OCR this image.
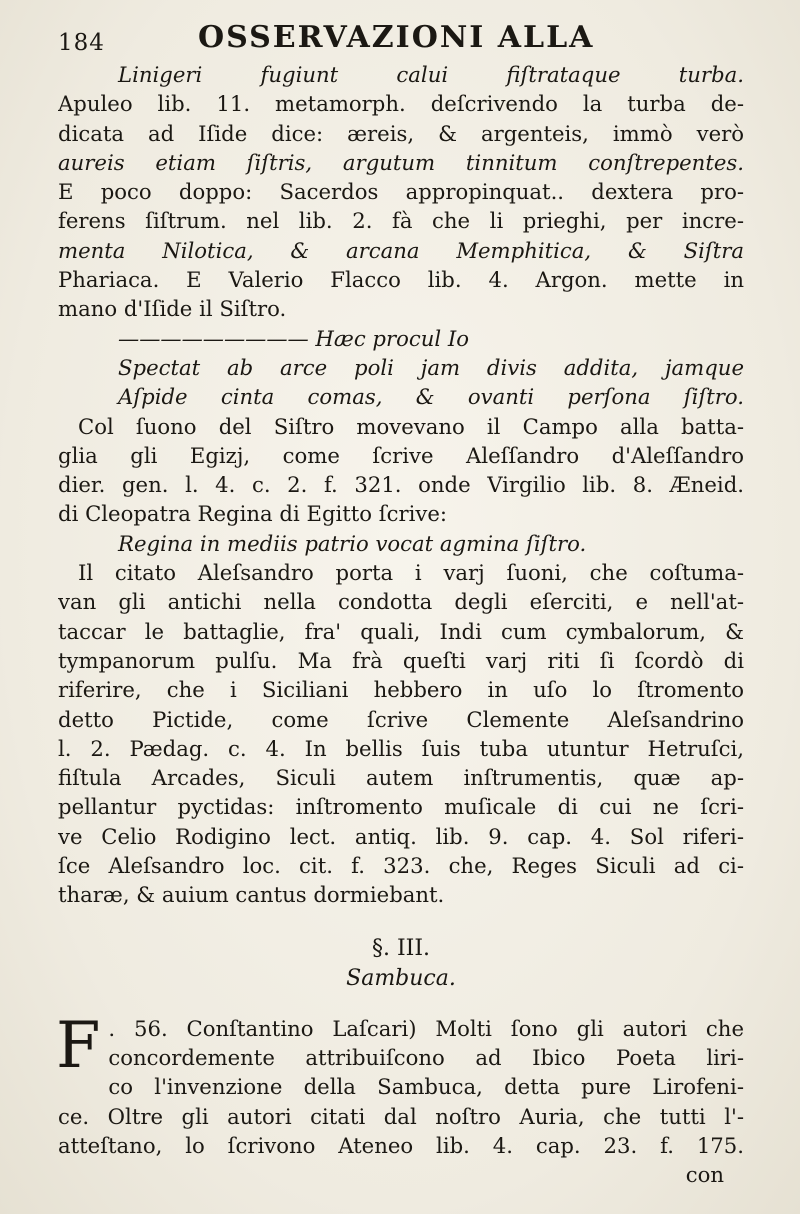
184	OSSERVAZIONI ALLA
Linigeri fugiunt calui fiſtrataque turba.
Apuleo lib. 11. metamorph. deſcrivendo la turba de-
dicata ad Iſide dice: æreis, & argenteis, immò verò
aureis etiam ſiſtris, argutum tinnitum conſtrepentes.
E poco doppo: Sacerdos appropinquat.. dextera pro-
ferens ſiſtrum. nel lib. 2. fà che li prieghi, per incre-
menta Nilotica, & arcana Memphitica, & Siſtra
Phariaca. E Valerio Flacco lib. 4. Argon. mette in
mano d'Iſide il Siſtro.
————————— Hæc procul Io
Spectat ab arce poli jam divis addita, jamque
Aſpide cinta comas, & ovanti perſona ſiſtro.
Col ſuono del Siſtro movevano il Campo alla batta-
glia gli Egizj, come ſcrive Aleſſandro d'Aleſſandro
dier. gen. l. 4. c. 2. f. 321. onde Virgilio lib. 8. Æneid.
di Cleopatra Regina di Egitto ſcrive:
Regina in mediis patrio vocat agmina ſiſtro.
Il citato Aleſsandro porta i varj ſuoni, che coſtuma-
van gli antichi nella condotta degli eſerciti, e nell'at-
taccar le battaglie, fra' quali, Indi cum cymbalorum, &
tympanorum pulſu. Ma frà queſti varj riti ſi ſcordò di
riferire, che i Siciliani hebbero in uſo lo ſtromento
detto Pictide, come ſcrive Clemente Aleſsandrino
l. 2. Pædag. c. 4. In bellis ſuis tuba utuntur Hetruſci,
fiſtula Arcades, Siculi autem inſtrumentis, quæ ap-
pellantur pyctidas: inſtromento muſicale di cui ne ſcri-
ve Celio Rodigino lect. antiq. lib. 9. cap. 4. Sol riferi-
ſce Aleſsandro loc. cit. f. 323. che, Reges Siculi ad ci-
tharæ, & auium cantus dormiebant.
§. III.
Sambuca.
F . 56. Conſtantino Laſcari) Molti ſono gli autori che
concordemente attribuiſcono ad Ibico Poeta liri-
co l'invenzione della Sambuca, detta pure Lirofeni-
ce. Oltre gli autori citati dal noſtro Auria, che tutti l'-
atteſtano, lo ſcrivono Ateneo lib. 4. cap. 23. f. 175.
con
